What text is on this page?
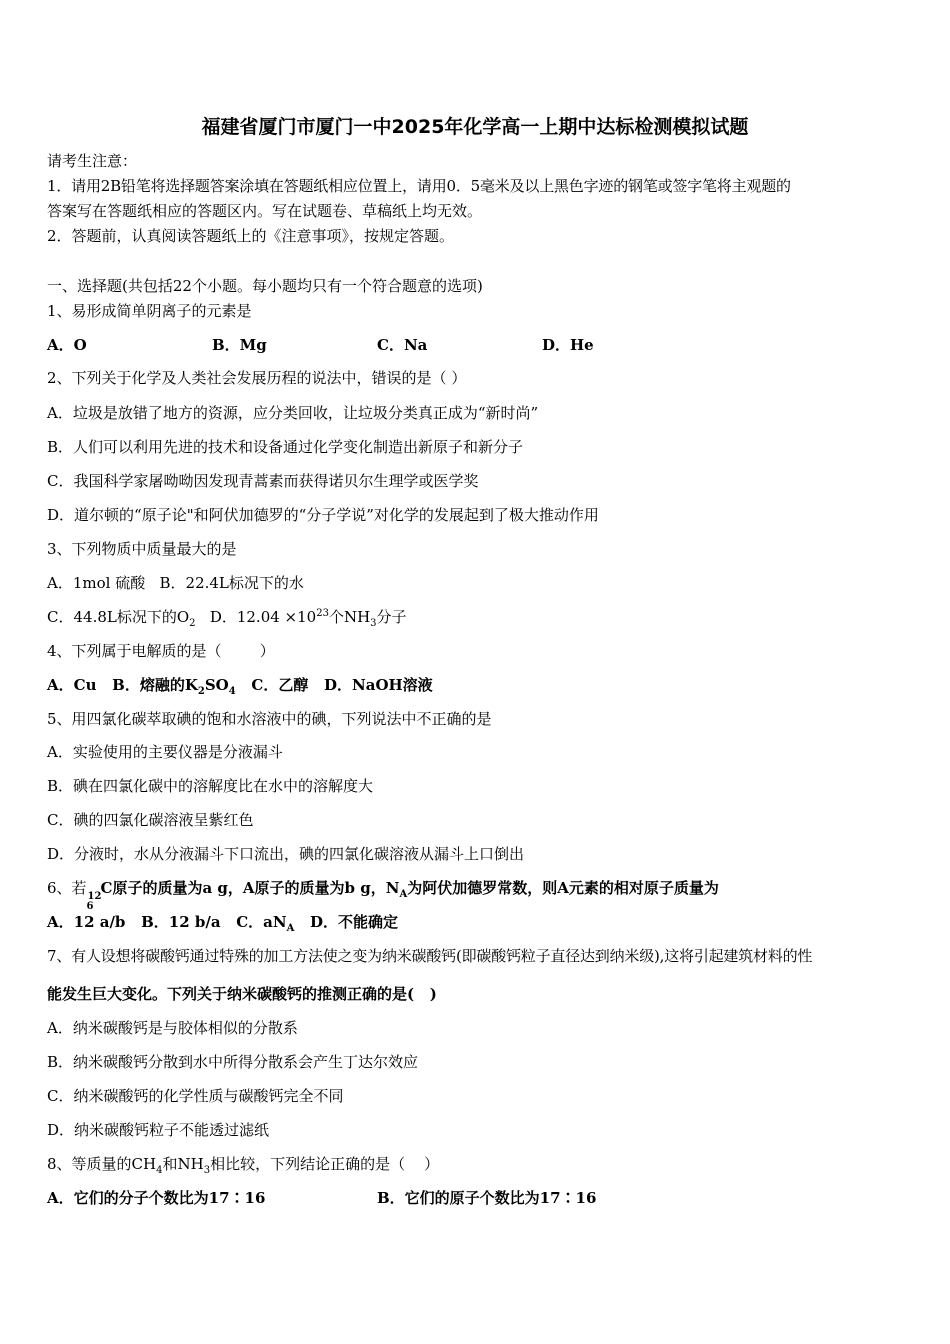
福建省厦门市厦门一中2025年化学高一上期中达标检测模拟试题
请考生注意：
1．请用2B铅笔将选择题答案涂填在答题纸相应位置上，请用0．5毫米及以上黑色字迹的钢笔或签字笔将主观题的
答案写在答题纸相应的答题区内。写在试题卷、草稿纸上均无效。
2．答题前，认真阅读答题纸上的《注意事项》，按规定答题。
一、选择题(共包括22个小题。每小题均只有一个符合题意的选项)
1、易形成简单阴离子的元素是
A．O	B．Mg	C．Na	D．He
2、下列关于化学及人类社会发展历程的说法中，错误的是（ ）
A．垃圾是放错了地方的资源，应分类回收，让垃圾分类真正成为“新时尚”
B．人们可以利用先进的技术和设备通过化学变化制造出新原子和新分子
C．我国科学家屠呦呦因发现青蒿素而获得诺贝尔生理学或医学奖
D．道尔顿的“原子论"和阿伏加德罗的“分子学说”对化学的发展起到了极大推动作用
3、下列物质中质量最大的是
A．1mol 硫酸   B．22.4L标况下的水
C．44.8L标况下的$O_2$   D．$12.04 \times 10^{23}$个$NH_3$分子
4、下列属于电解质的是（        ）
A．Cu   B．熔融的$K_2SO_4$   C．乙醇   D．NaOH溶液
5、用四氯化碳萃取碘的饱和水溶液中的碘，下列说法中不正确的是
A．实验使用的主要仪器是分液漏斗
B．碘在四氯化碳中的溶解度比在水中的溶解度大
C．碘的四氯化碳溶液呈紫红色
D．分液时，水从分液漏斗下口流出，碘的四氯化碳溶液从漏斗上口倒出
6、若
6
12 C原子的质量为a g，A原子的质量为b g，$N_A$为阿伏加德罗常数，则A元素的相对原子质量为
A．12 a/b   B．12 b/a   C．$aN_A$   D．不能确定
7、有人设想将碳酸钙通过特殊的加工方法使之变为纳米碳酸钙(即碳酸钙粒子直径达到纳米级),这将引起建筑材料的性
能发生巨大变化。下列关于纳米碳酸钙的推测正确的是(   )
A．纳米碳酸钙是与胶体相似的分散系
B．纳米碳酸钙分散到水中所得分散系会产生丁达尔效应
C．纳米碳酸钙的化学性质与碳酸钙完全不同
D．纳米碳酸钙粒子不能透过滤纸
8、等质量的$CH_4$和$NH_3$相比较，下列结论正确的是（    ）
A．它们的分子个数比为17∶16	B．它们的原子个数比为17∶16
